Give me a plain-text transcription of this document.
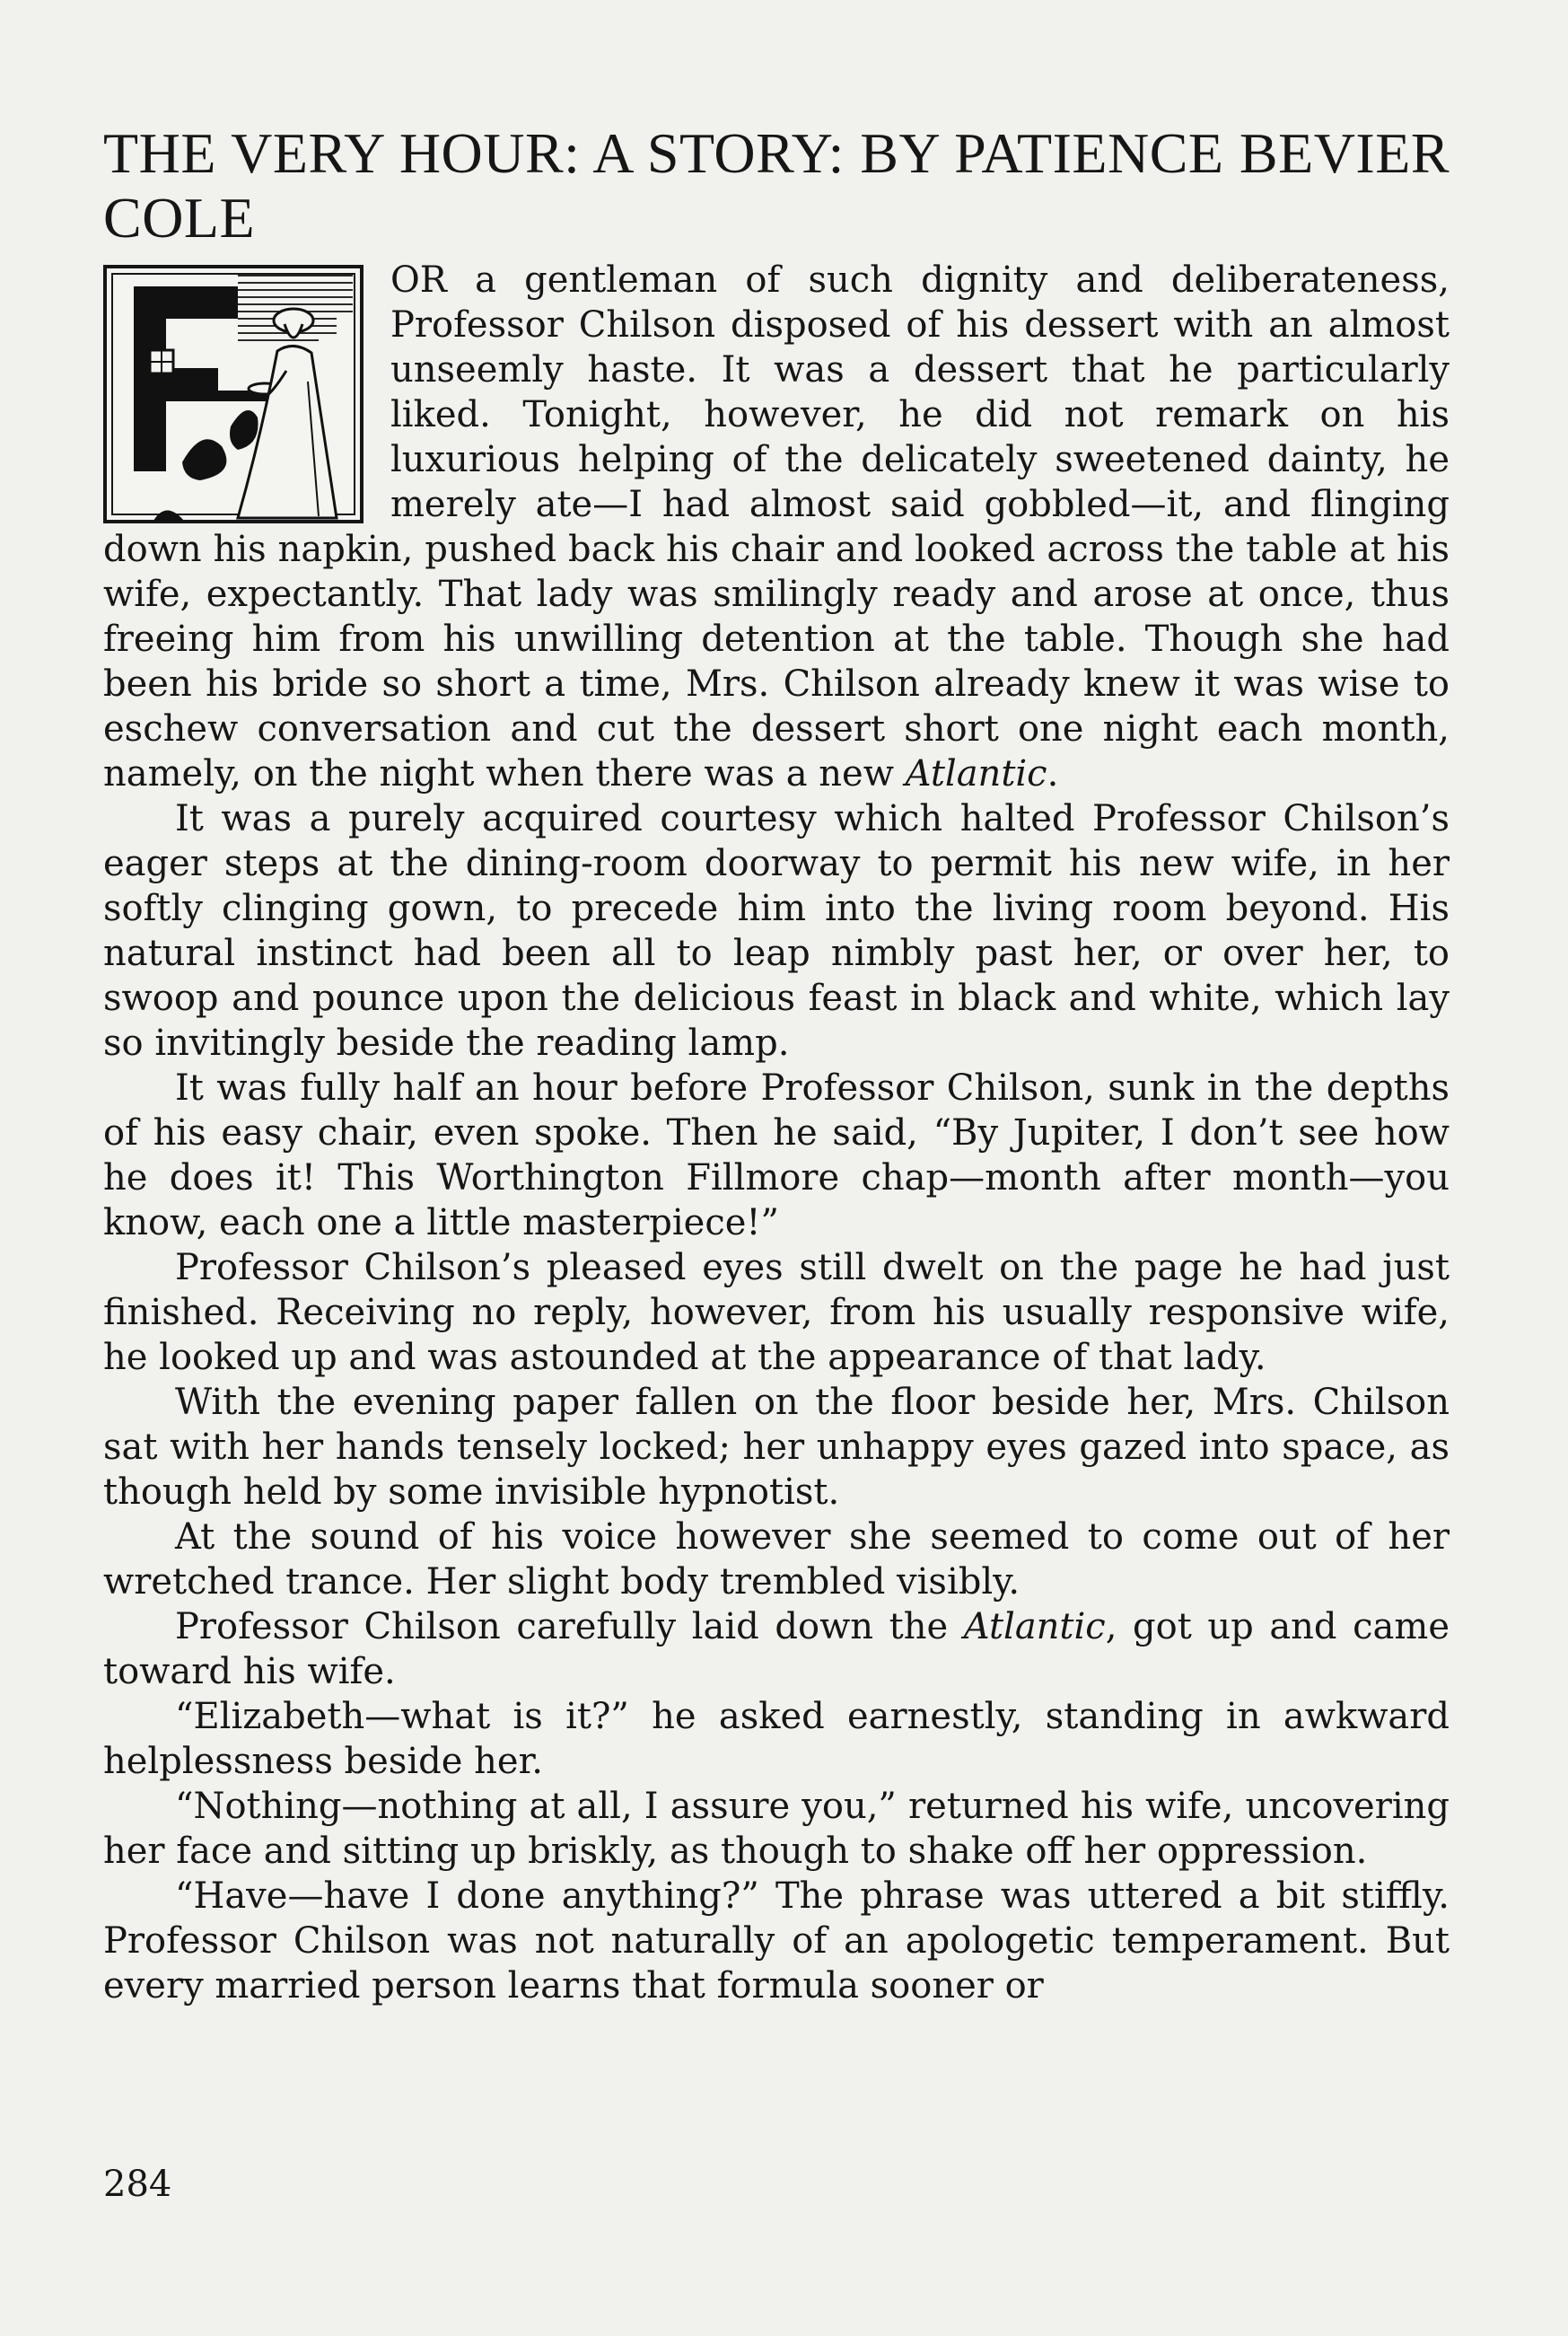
THE VERY HOUR: A STORY: BY PATIENCE BEVIER COLE

OR a gentleman of such dignity and deliberateness, Professor Chilson disposed of his dessert with an almost unseemly haste. It was a dessert that he particularly liked. Tonight, however, he did not remark on his luxurious helping of the delicately sweetened dainty, he merely ate—I had almost said gobbled—it, and flinging down his napkin, pushed back his chair and looked across the table at his wife, expectantly. That lady was smilingly ready and arose at once, thus freeing him from his unwilling detention at the table. Though she had been his bride so short a time, Mrs. Chilson already knew it was wise to eschew conversation and cut the dessert short one night each month, namely, on the night when there was a new Atlantic.

It was a purely acquired courtesy which halted Professor Chilson’s eager steps at the dining-room doorway to permit his new wife, in her softly clinging gown, to precede him into the living room beyond. His natural instinct had been all to leap nimbly past her, or over her, to swoop and pounce upon the delicious feast in black and white, which lay so invitingly beside the reading lamp.

It was fully half an hour before Professor Chilson, sunk in the depths of his easy chair, even spoke. Then he said, “By Jupiter, I don’t see how he does it! This Worthington Fillmore chap—month after month—you know, each one a little masterpiece!”

Professor Chilson’s pleased eyes still dwelt on the page he had just finished. Receiving no reply, however, from his usually responsive wife, he looked up and was astounded at the appearance of that lady.

With the evening paper fallen on the floor beside her, Mrs. Chilson sat with her hands tensely locked; her unhappy eyes gazed into space, as though held by some invisible hypnotist.

At the sound of his voice however she seemed to come out of her wretched trance. Her slight body trembled visibly.

Professor Chilson carefully laid down the Atlantic, got up and came toward his wife.

“Elizabeth—what is it?” he asked earnestly, standing in awkward helplessness beside her.

“Nothing—nothing at all, I assure you,” returned his wife, uncovering her face and sitting up briskly, as though to shake off her oppression.

“Have—have I done anything?” The phrase was uttered a bit stiffly. Professor Chilson was not naturally of an apologetic temperament. But every married person learns that formula sooner or

284
